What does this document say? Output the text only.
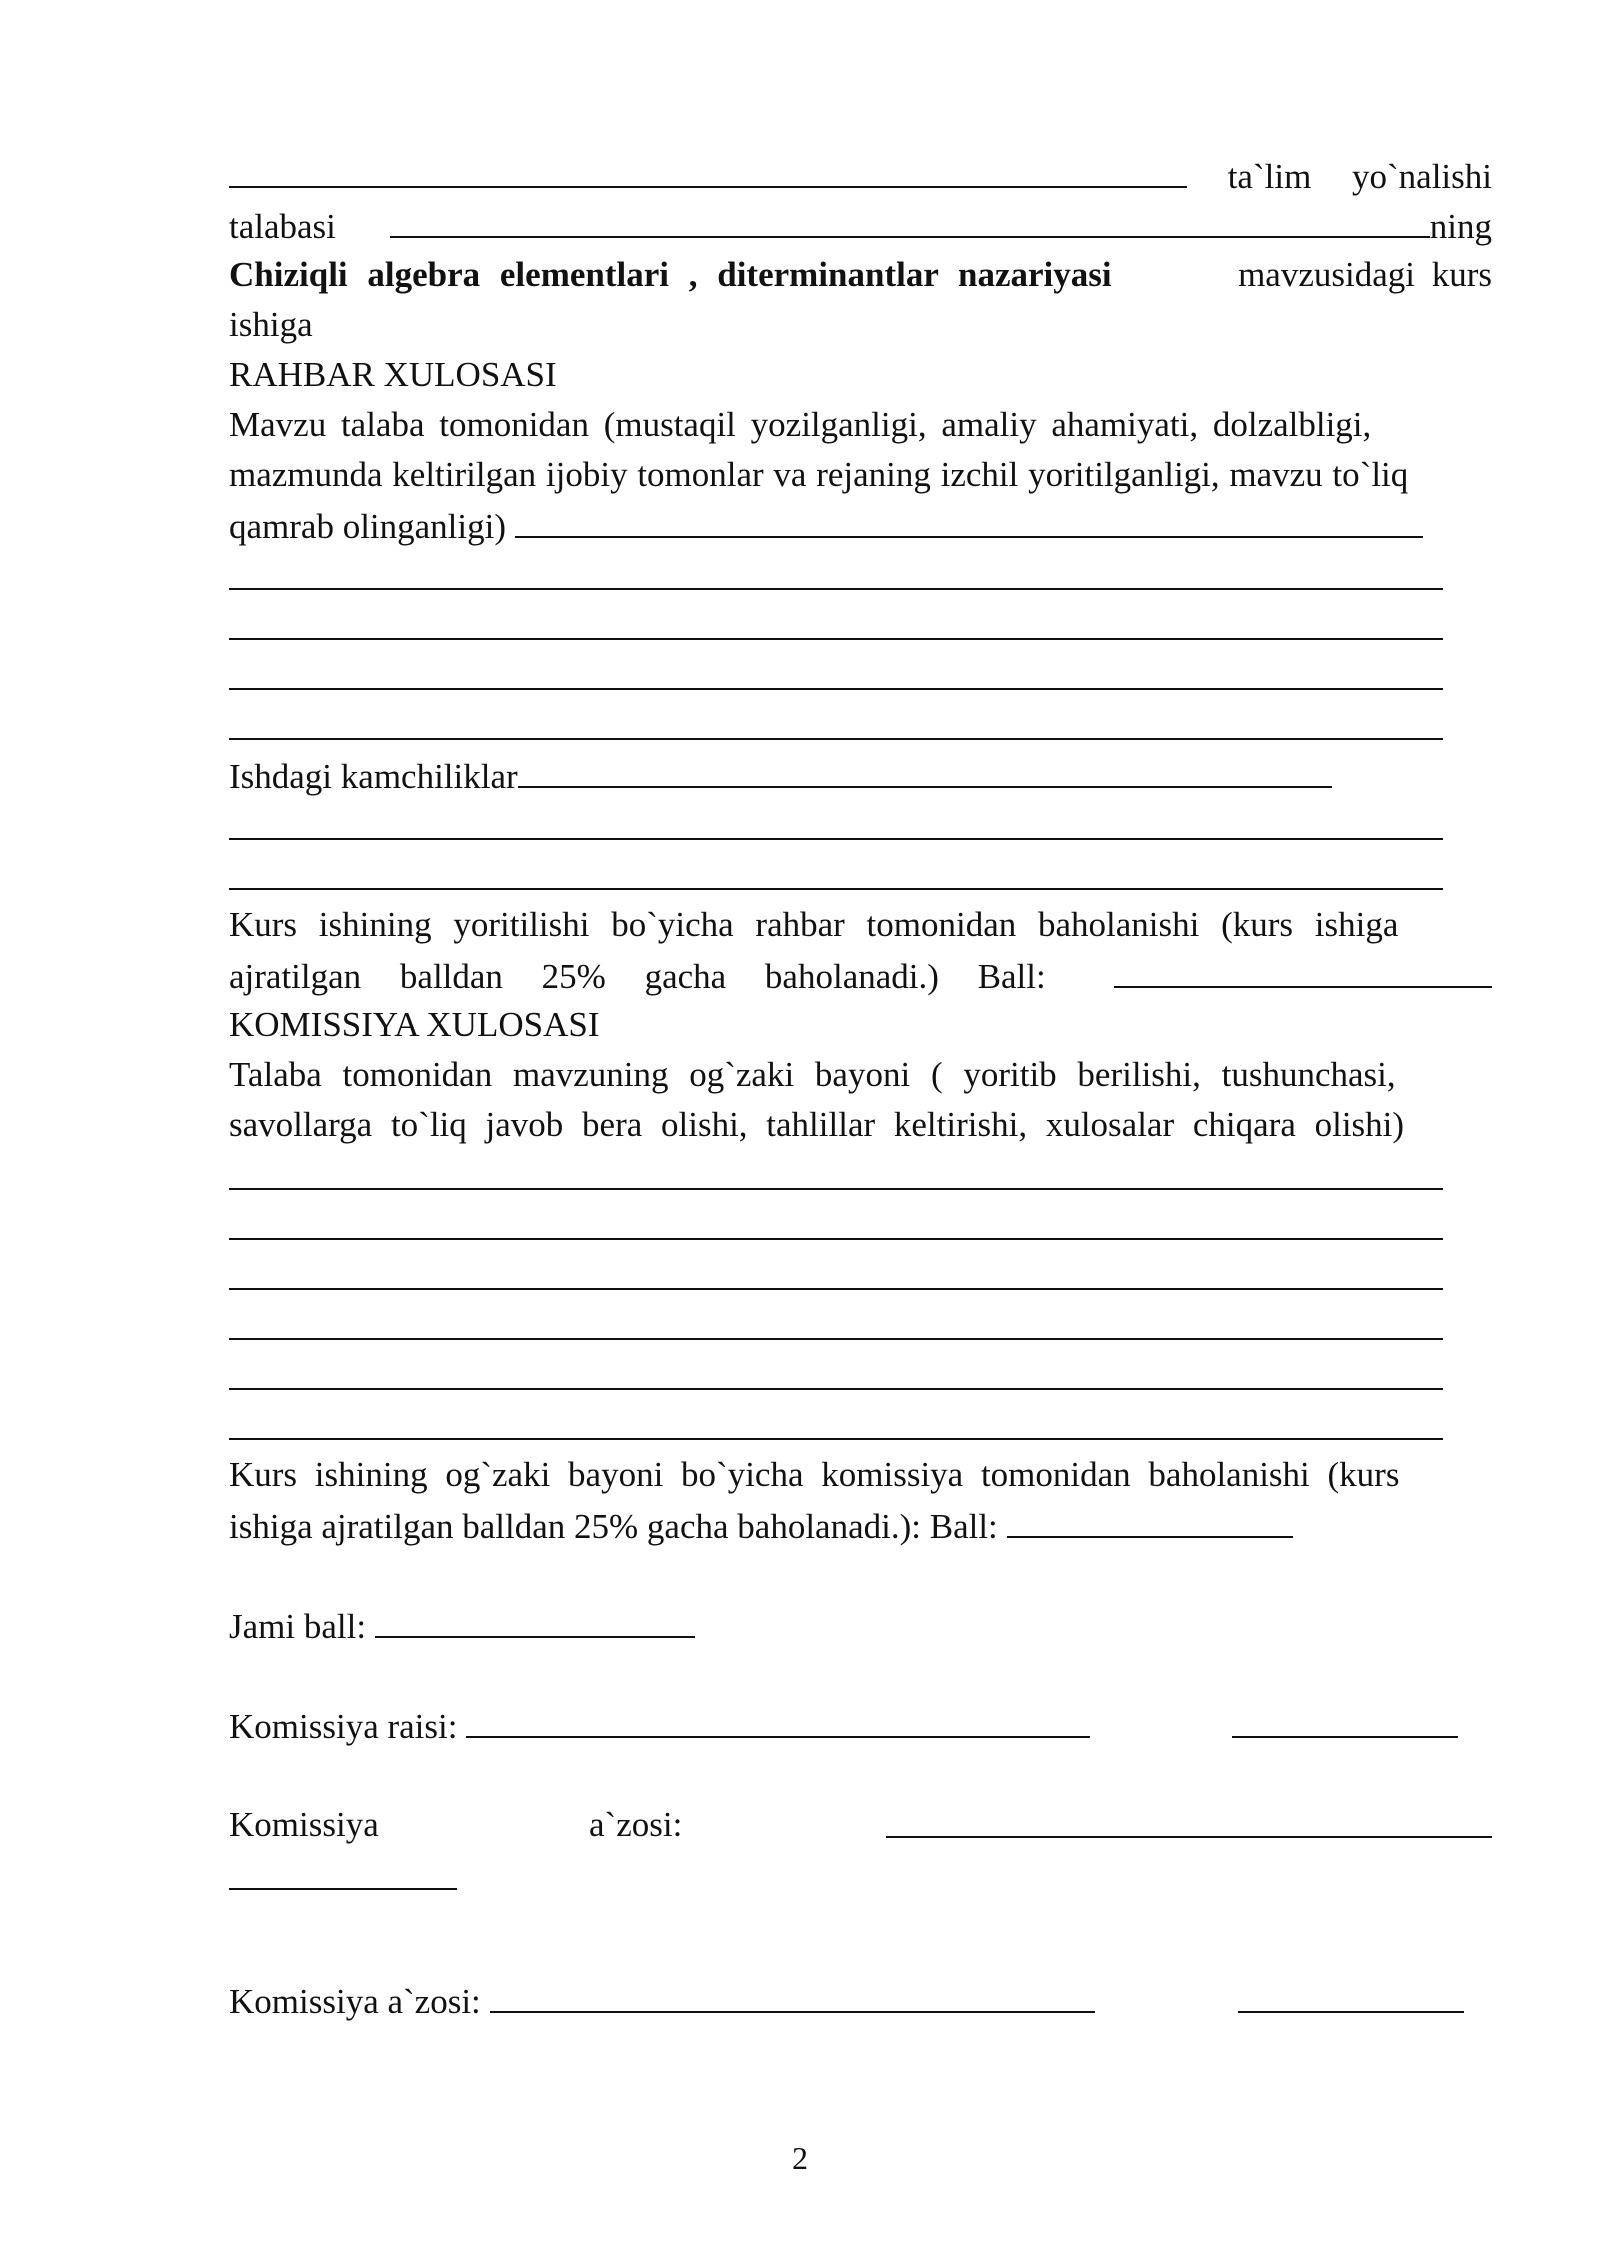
ta`lim yo`nalishi
talabasi	ning
Chiziqli algebra elementlari , diterminantlar nazariyasi	mavzusidagi kurs
ishiga
RAHBAR XULOSASI
Mavzu talaba tomonidan (mustaqil yozilganligi, amaliy ahamiyati, dolzalbligi,
mazmunda keltirilgan ijobiy tomonlar va rejaning izchil yoritilganligi, mavzu to`liq
qamrab olinganligi)
Ishdagi kamchiliklar
Kurs ishining yoritilishi bo`yicha rahbar tomonidan baholanishi (kurs ishiga
ajratilgan balldan 25% gacha baholanadi.) Ball:
KOMISSIYA XULOSASI
Talaba tomonidan mavzuning og`zaki bayoni ( yoritib berilishi, tushunchasi,
savollarga to`liq javob bera olishi, tahlillar keltirishi, xulosalar chiqara olishi)
Kurs ishining og`zaki bayoni bo`yicha komissiya tomonidan baholanishi (kurs
ishiga ajratilgan balldan 25% gacha baholanadi.): Ball:
Jami ball:
Komissiya raisi:
Komissiya	a`zosi:
Komissiya a`zosi:
2
